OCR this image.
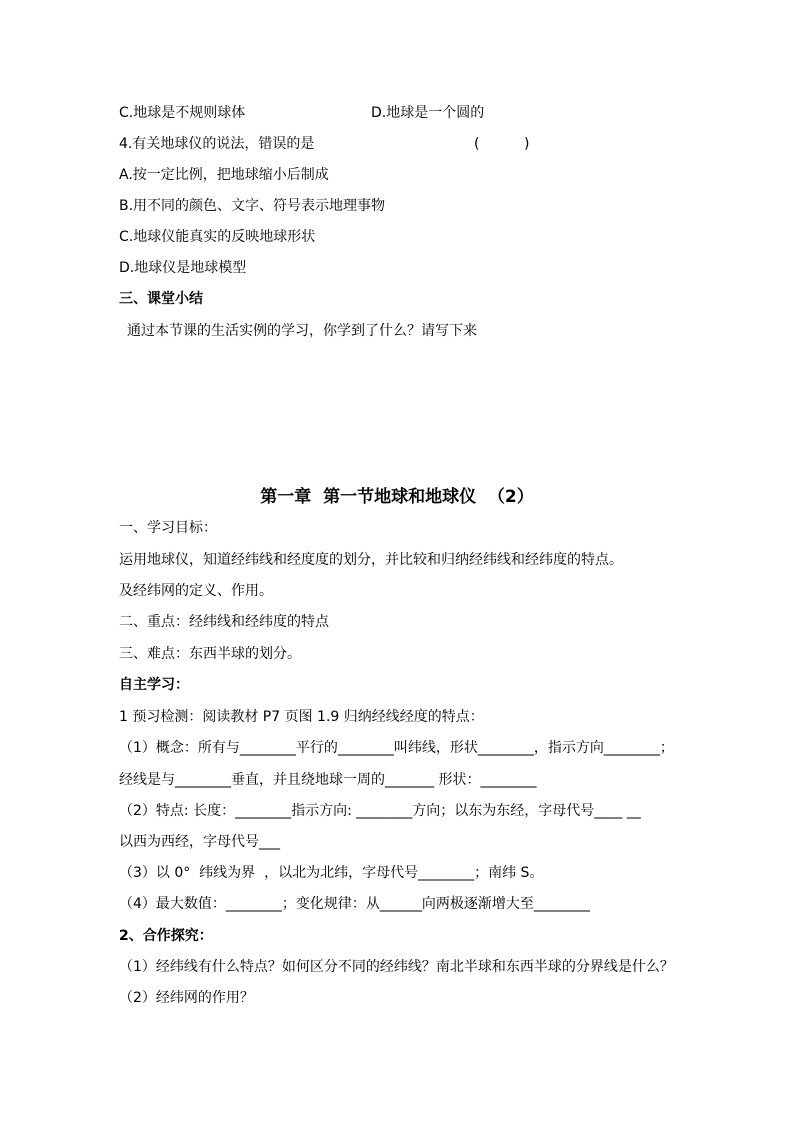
C.地球是不规则球体	D.地球是一个圆的
4.有关地球仪的说法，错误的是	(          )
A.按一定比例，把地球缩小后制成
B.用不同的颜色、文字、符号表示地理事物
C.地球仪能真实的反映地球形状
D.地球仪是地球模型
三、课堂小结
通过本节课的生活实例的学习，你学到了什么？请写下来
第一章  第一节地球和地球仪  （2）
一、学习目标：
运用地球仪，知道经纬线和经度度的划分，并比较和归纳经纬线和经纬度的特点。
及经纬网的定义、作用。
二、重点：经纬线和经纬度的特点
三、难点：东西半球的划分。
自主学习：
1 预习检测：阅读教材 P7 页图 1.9 归纳经线经度的特点：
（1）概念：所有与________平行的________叫纬线，形状________，指示方向________；
经线是与________垂直，并且绕地球一周的_______ 形状：________
（2）特点: 长度：________指示方向: ________方向；以东为东经，字母代号____ __
以西为西经，字母代号___
（3）以 0°  纬线为界  ，以北为北纬，字母代号________；南纬 S。
（4）最大数值：________；变化规律：从______向两极逐渐增大至________
2、合作探究：
（1）经纬线有什么特点？如何区分不同的经纬线？南北半球和东西半球的分界线是什么？
（2）经纬网的作用？
